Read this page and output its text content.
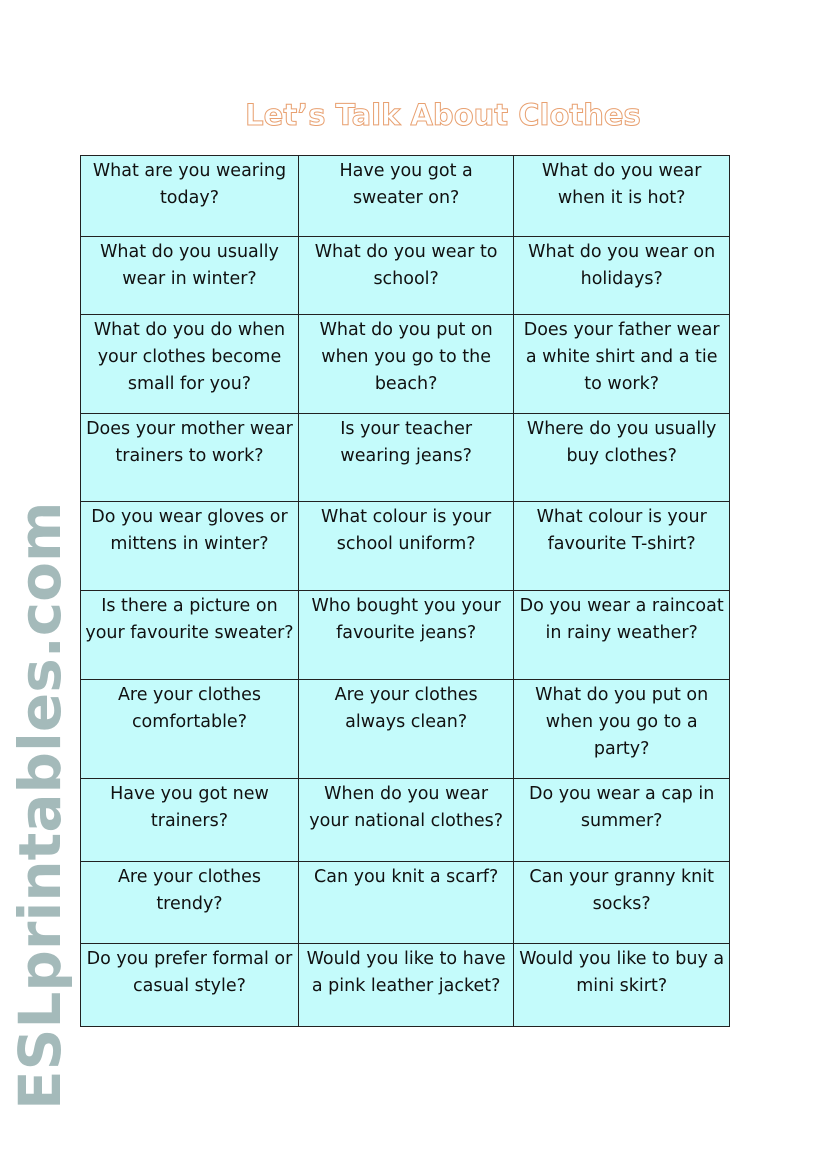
Let’s Talk About Clothes
What are you wearing today?	Have you got a sweater on?	What do you wear when it is hot?
What do you usually wear in winter?	What do you wear to school?	What do you wear on holidays?
What do you do when your clothes become small for you?	What do you put on when you go to the beach?	Does your father wear a white shirt and a tie to work?
Does your mother wear trainers to work?	Is your teacher wearing jeans?	Where do you usually buy clothes?
Do you wear gloves or mittens in winter?	What colour is your school uniform?	What colour is your favourite T-shirt?
Is there a picture on your favourite sweater?	Who bought you your favourite jeans?	Do you wear a raincoat in rainy weather?
Are your clothes comfortable?	Are your clothes always clean?	What do you put on when you go to a party?
Have you got new trainers?	When do you wear your national clothes?	Do you wear a cap in summer?
Are your clothes trendy?	Can you knit a scarf?	Can your granny knit socks?
Do you prefer formal or casual style?	Would you like to have a pink leather jacket?	Would you like to buy a mini skirt?
ESLprintables.com
